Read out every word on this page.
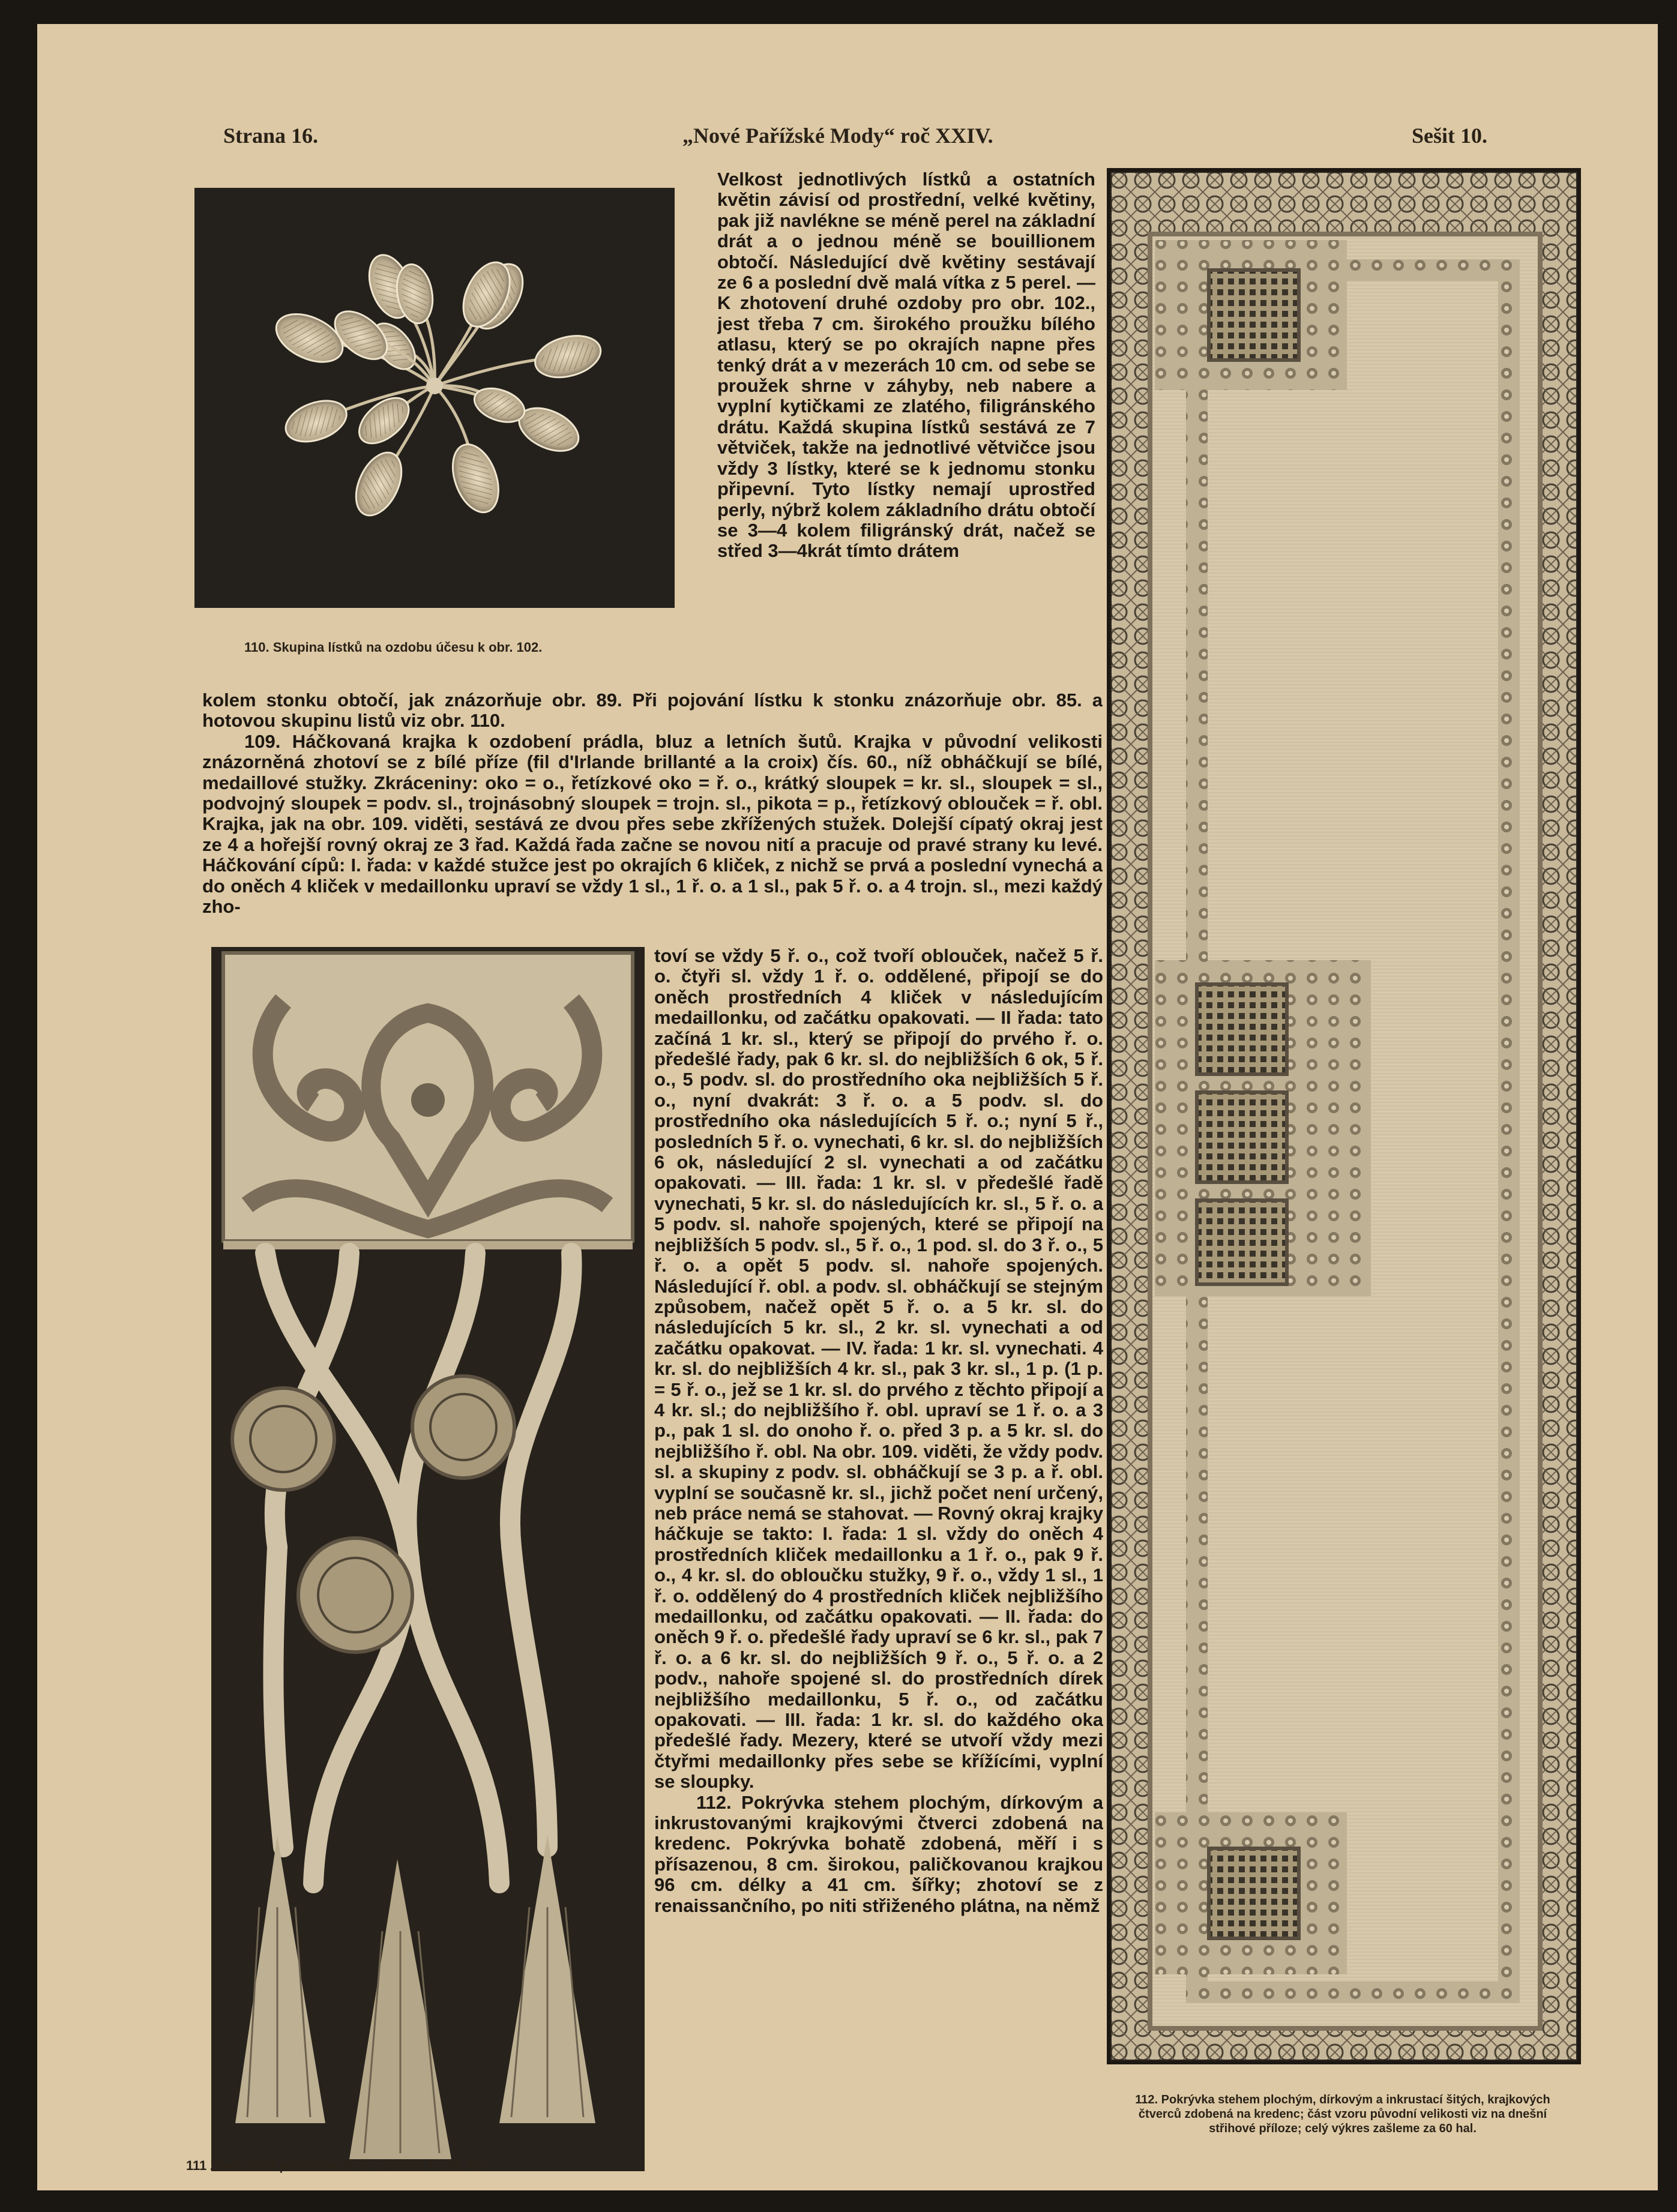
Strana 16.	„Nové Pařížské Mody“ roč XXIV.	Sešit 10.
110. Skupina lístků na ozdobu účesu k obr. 102.

Velkost jednotlivých lístků a ostatních květin závisí od prostřední, velké květiny, pak již navlékne se méně perel na základní drát a o jednou méně se bouillionem obtočí. Následující dvě květiny sestávají ze 6 a poslední dvě malá vítka z 5 perel. — K zhotovení druhé ozdoby pro obr. 102., jest třeba 7 cm. širokého proužku bílého atlasu, který se po okrajích napne přes tenký drát a v mezerách 10 cm. od sebe se proužek shrne v záhyby, neb nabere a vyplní kytičkami ze zlatého, filigránského drátu. Každá skupina lístků sestává ze 7 větviček, takže na jednotlivé větvičce jsou vždy 3 lístky, které se k jednomu stonku připevní. Tyto lístky nemají uprostřed perly, nýbrž kolem základního drátu obtočí se 3—4 kolem filigránský drát, načež se střed 3—4krát tímto drátem

kolem stonku obtočí, jak znázorňuje obr. 89. Při pojování lístku k stonku znázorňuje obr. 85. a hotovou skupinu listů viz obr. 110.

109. Háčkovaná krajka k ozdobení prádla, bluz a letních šutů. Krajka v původní velikosti znázorněná zhotoví se z bílé příze (fil d'Irlande brillanté a la croix) čís. 60., níž obháčkují se bílé, medaillové stužky. Zkráceniny: oko = o., řetízkové oko = ř. o., krátký sloupek = kr. sl., sloupek = sl., podvojný sloupek = podv. sl., trojnásobný sloupek = trojn. sl., pikota = p., řetízkový oblouček = ř. obl. Krajka, jak na obr. 109. viděti, sestává ze dvou přes sebe zkřížených stužek. Dolejší cípatý okraj jest ze 4 a hořejší rovný okraj ze 3 řad. Každá řada začne se novou nití a pracuje od pravé strany ku levé. Háčkování cípů: I. řada: v každé stužce jest po okrajích 6 kliček, z nichž se prvá a poslední vynechá a do oněch 4 kliček v medaillonku upraví se vždy 1 sl., 1 ř. o. a 1 sl., pak 5 ř. o. a 4 trojn. sl., mezi každý zho-

111 Zmenšená podrobnost na záclonu k obr. 93.

toví se vždy 5 ř. o., což tvoří oblouček, načež 5 ř. o. čtyři sl. vždy 1 ř. o. oddělené, připojí se do oněch prostředních 4 kliček v následujícím medaillonku, od začátku opakovati. — II řada: tato začíná 1 kr. sl., který se připojí do prvého ř. o. předešlé řady, pak 6 kr. sl. do nejbližších 6 ok, 5 ř. o., 5 podv. sl. do prostředního oka nejbližších 5 ř. o., nyní dvakrát: 3 ř. o. a 5 podv. sl. do prostředního oka následujících 5 ř. o.; nyní 5 ř., posledních 5 ř. o. vynechati, 6 kr. sl. do nejbližších 6 ok, následující 2 sl. vynechati a od začátku opakovati. — III. řada: 1 kr. sl. v předešlé řadě vynechati, 5 kr. sl. do následujících kr. sl., 5 ř. o. a 5 podv. sl. nahoře spojených, které se připojí na nejbližších 5 podv. sl., 5 ř. o., 1 pod. sl. do 3 ř. o., 5 ř. o. a opět 5 podv. sl. nahoře spojených. Následující ř. obl. a podv. sl. obháčkují se stejným způsobem, načež opět 5 ř. o. a 5 kr. sl. do následujících 5 kr. sl., 2 kr. sl. vynechati a od začátku opakovat. — IV. řada: 1 kr. sl. vynechati. 4 kr. sl. do nejbližších 4 kr. sl., pak 3 kr. sl., 1 p. (1 p. = 5 ř. o., jež se 1 kr. sl. do prvého z těchto připojí a 4 kr. sl.; do nejbližšího ř. obl. upraví se 1 ř. o. a 3 p., pak 1 sl. do onoho ř. o. před 3 p. a 5 kr. sl. do nejbližšího ř. obl. Na obr. 109. viděti, že vždy podv. sl. a skupiny z podv. sl. obháčkují se 3 p. a ř. obl. vyplní se současně kr. sl., jichž počet není určený, neb práce nemá se stahovat. — Rovný okraj krajky háčkuje se takto: I. řada: 1 sl. vždy do oněch 4 prostředních kliček medaillonku a 1 ř. o., pak 9 ř. o., 4 kr. sl. do obloučku stužky, 9 ř. o., vždy 1 sl., 1 ř. o. oddělený do 4 prostředních kliček nejbližšího medaillonku, od začátku opakovati. — II. řada: do oněch 9 ř. o. předešlé řady upraví se 6 kr. sl., pak 7 ř. o. a 6 kr. sl. do nejbližších 9 ř. o., 5 ř. o. a 2 podv., nahoře spojené sl. do prostředních dírek nejbližšího medaillonku, 5 ř. o., od začátku opakovati. — III. řada: 1 kr. sl. do každého oka předešlé řady. Mezery, které se utvoří vždy mezi čtyřmi medaillonky přes sebe se křížícími, vyplní se sloupky.

112. Pokrývka stehem plochým, dírkovým a inkrustovanými krajkovými čtverci zdobená na kredenc. Pokrývka bohatě zdobená, měří i s přísazenou, 8 cm. širokou, paličkovanou krajkou 96 cm. délky a 41 cm. šířky; zhotoví se z renaissančního, po niti střiženého plátna, na němž

112. Pokrývka stehem plochým, dírkovým a inkrustací šitých, krajkových čtverců zdobená na kredenc; část vzoru původní velikosti viz na dnešní střihové příloze; celý výkres zašleme za 60 hal.
